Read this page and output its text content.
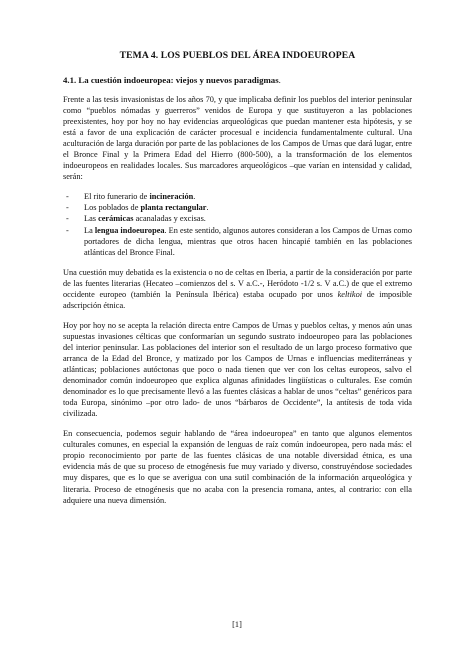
TEMA 4. LOS PUEBLOS DEL ÁREA INDOEUROPEA
4.1. La cuestión indoeuropea: viejos y nuevos paradigmas.

Frente a las tesis invasionistas de los años 70, y que implicaba definir los pueblos del interior peninsular como “pueblos nómadas y guerreros” venidos de Europa y que sustituyeron a las poblaciones preexistentes, hoy por hoy no hay evidencias arqueológicas que puedan mantener esta hipótesis, y se está a favor de una explicación de carácter procesual e incidencia fundamentalmente cultural. Una aculturación de larga duración por parte de las poblaciones de los Campos de Urnas que dará lugar, entre el Bronce Final y la Primera Edad del Hierro (800-500), a la transformación de los elementos indoeuropeos en realidades locales. Sus marcadores arqueológicos –que varían en intensidad y calidad, serán:

- El rito funerario de incineración.
- Los poblados de planta rectangular.
- Las cerámicas acanaladas y excisas.
- La lengua indoeuropea. En este sentido, algunos autores consideran a los Campos de Urnas como portadores de dicha lengua, mientras que otros hacen hincapié también en las poblaciones atlánticas del Bronce Final.

Una cuestión muy debatida es la existencia o no de celtas en Iberia, a partir de la consideración por parte de las fuentes literarias (Hecateo –comienzos del s. V a.C.-, Heródoto -1/2 s. V a.C.) de que el extremo occidente europeo (también la Península Ibérica) estaba ocupado por unos keltikoi de imposible adscripción étnica.

Hoy por hoy no se acepta la relación directa entre Campos de Urnas y pueblos celtas, y menos aún unas supuestas invasiones célticas que conformarían un segundo sustrato indoeuropeo para las poblaciones del interior peninsular. Las poblaciones del interior son el resultado de un largo proceso formativo que arranca de la Edad del Bronce, y matizado por los Campos de Urnas e influencias mediterráneas y atlánticas; poblaciones autóctonas que poco o nada tienen que ver con los celtas europeos, salvo el denominador común indoeuropeo que explica algunas afinidades lingüísticas o culturales. Ese común denominador es lo que precisamente llevó a las fuentes clásicas a hablar de unos “celtas” genéricos para toda Europa, sinónimo –por otro lado- de unos “bárbaros de Occidente”, la antítesis de toda vida civilizada.

En consecuencia, podemos seguir hablando de “área indoeuropea” en tanto que algunos elementos culturales comunes, en especial la expansión de lenguas de raíz común indoeuropea, pero nada más: el propio reconocimiento por parte de las fuentes clásicas de una notable diversidad étnica, es una evidencia más de que su proceso de etnogénesis fue muy variado y diverso, construyéndose sociedades muy dispares, que es lo que se averigua con una sutil combinación de la información arqueológica y literaria. Proceso de etnogénesis que no acaba con la presencia romana, antes, al contrario: con ella adquiere una nueva dimensión.

[1]
